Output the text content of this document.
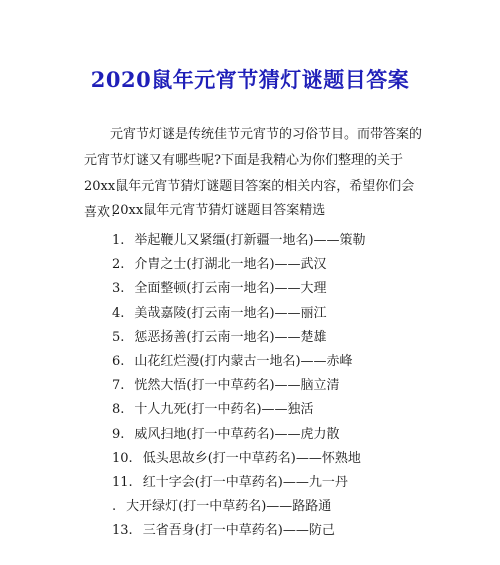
2020鼠年元宵节猜灯谜题目答案

元宵节灯谜是传统佳节元宵节的习俗节目。而带答案的元宵节灯谜又有哪些呢?下面是我精心为你们整理的关于 20xx鼠年元宵节猜灯谜题目答案的相关内容，希望你们会喜欢！

20xx鼠年元宵节猜灯谜题目答案精选
1. 举起鞭儿又紧缰(打新疆一地名)——策勒
2. 介胄之士(打湖北一地名)——武汉
3. 全面整顿(打云南一地名)——大理
4. 美哉嘉陵(打云南一地名)——丽江
5. 惩恶扬善(打云南一地名)——楚雄
6. 山花红烂漫(打内蒙古一地名)——赤峰
7. 恍然大悟(打一中草药名)——脑立清
8. 十人九死(打一中药名)——独活
9. 威风扫地(打一中草药名)——虎力散
10. 低头思故乡(打一中草药名)——怀熟地
11. 红十字会(打一中草药名)——九一丹
. 大开绿灯(打一中草药名)——路路通
13. 三省吾身(打一中草药名)——防己
